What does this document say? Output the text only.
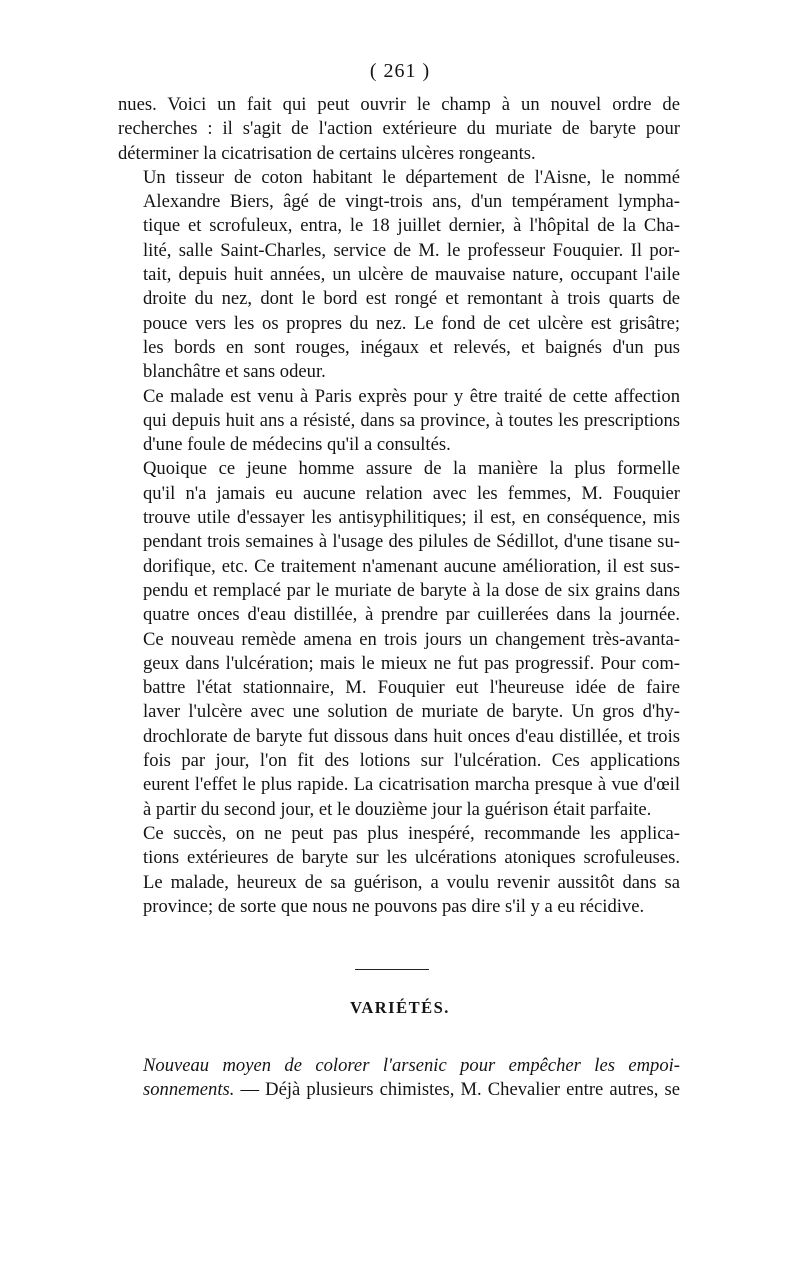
( 261 )

nues. Voici un fait qui peut ouvrir le champ à un nouvel ordre de
recherches : il s'agit de l'action extérieure du muriate de baryte pour
déterminer la cicatrisation de certains ulcères rongeants.

Un tisseur de coton habitant le département de l'Aisne, le nommé
Alexandre Biers, âgé de vingt-trois ans, d'un tempérament lympha-
tique et scrofuleux, entra, le 18 juillet dernier, à l'hôpital de la Cha-
lité, salle Saint-Charles, service de M. le professeur Fouquier. Il por-
tait, depuis huit années, un ulcère de mauvaise nature, occupant l'aile
droite du nez, dont le bord est rongé et remontant à trois quarts de
pouce vers les os propres du nez. Le fond de cet ulcère est grisâtre;
les bords en sont rouges, inégaux et relevés, et baignés d'un pus
blanchâtre et sans odeur.

Ce malade est venu à Paris exprès pour y être traité de cette affection
qui depuis huit ans a résisté, dans sa province, à toutes les prescriptions
d'une foule de médecins qu'il a consultés.

Quoique ce jeune homme assure de la manière la plus formelle
qu'il n'a jamais eu aucune relation avec les femmes, M. Fouquier
trouve utile d'essayer les antisyphilitiques; il est, en conséquence, mis
pendant trois semaines à l'usage des pilules de Sédillot, d'une tisane su-
dorifique, etc. Ce traitement n'amenant aucune amélioration, il est sus-
pendu et remplacé par le muriate de baryte à la dose de six grains dans
quatre onces d'eau distillée, à prendre par cuillerées dans la journée.
Ce nouveau remède amena en trois jours un changement très-avanta-
geux dans l'ulcération; mais le mieux ne fut pas progressif. Pour com-
battre l'état stationnaire, M. Fouquier eut l'heureuse idée de faire
laver l'ulcère avec une solution de muriate de baryte. Un gros d'hy-
drochlorate de baryte fut dissous dans huit onces d'eau distillée, et trois
fois par jour, l'on fit des lotions sur l'ulcération. Ces applications
eurent l'effet le plus rapide. La cicatrisation marcha presque à vue d'œil
à partir du second jour, et le douzième jour la guérison était parfaite.

Ce succès, on ne peut pas plus inespéré, recommande les applica-
tions extérieures de baryte sur les ulcérations atoniques scrofuleuses.
Le malade, heureux de sa guérison, a voulu revenir aussitôt dans sa
province; de sorte que nous ne pouvons pas dire s'il y a eu récidive.

VARIÉTÉS.
Nouveau moyen de colorer l'arsenic pour empêcher les empoi-
sonnements. — Déjà plusieurs chimistes, M. Chevalier entre autres, se
